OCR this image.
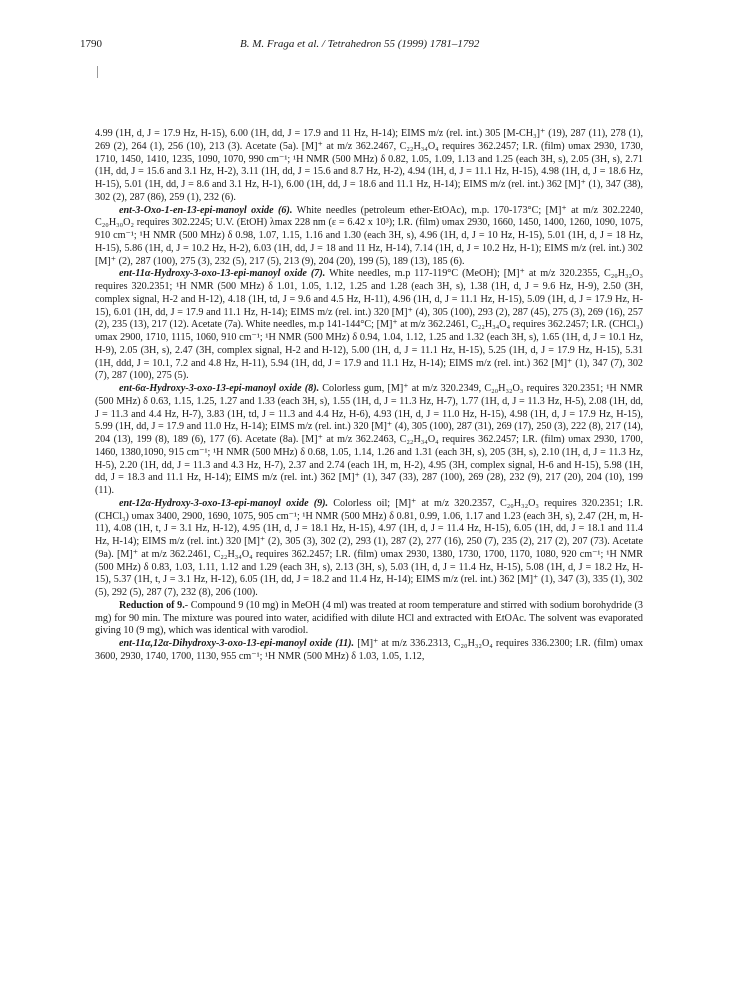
1790	B. M. Fraga et al. / Tetrahedron 55 (1999) 1781–1792

4.99 (1H, d, J = 17.9 Hz, H-15), 6.00 (1H, dd, J = 17.9 and 11 Hz, H-14); EIMS m/z (rel. int.) 305 [M-CH₃]⁺ (19), 287 (11), 278 (1), 269 (2), 264 (1), 256 (10), 213 (3). Acetate (5a). [M]⁺ at m/z 362.2467, C₂₂H₃₄O₄ requires 362.2457; I.R. (film) υmax 2930, 1730, 1710, 1450, 1410, 1235, 1090, 1070, 990 cm⁻¹; ¹H NMR (500 MHz) δ 0.82, 1.05, 1.09, 1.13 and 1.25 (each 3H, s), 2.05 (3H, s), 2.71 (1H, dd, J = 15.6 and 3.1 Hz, H-2), 3.11 (1H, dd, J = 15.6 and 8.7 Hz, H-2), 4.94 (1H, d, J = 11.1 Hz, H-15), 4.98 (1H, d, J = 18.6 Hz, H-15), 5.01 (1H, dd, J = 8.6 and 3.1 Hz, H-1), 6.00 (1H, dd, J = 18.6 and 11.1 Hz, H-14); EIMS m/z (rel. int.) 362 [M]⁺ (1), 347 (38), 302 (2), 287 (86), 259 (1), 232 (6).

ent-3-Oxo-1-en-13-epi-manoyl oxide (6). White needles (petroleum ether-EtOAc), m.p. 170-173°C; [M]⁺ at m/z 302.2240, C₂₀H₃₀O₂ requires 302.2245; U.V. (EtOH) λmax 228 nm (ε = 6.42 x 10³); I.R. (film) υmax 2930, 1660, 1450, 1400, 1260, 1090, 1075, 910 cm⁻¹; ¹H NMR (500 MHz) δ 0.98, 1.07, 1.15, 1.16 and 1.30 (each 3H, s), 4.96 (1H, d, J = 10 Hz, H-15), 5.01 (1H, d, J = 18 Hz, H-15), 5.86 (1H, d, J = 10.2 Hz, H-2), 6.03 (1H, dd, J = 18 and 11 Hz, H-14), 7.14 (1H, d, J = 10.2 Hz, H-1); EIMS m/z (rel. int.) 302 [M]⁺ (2), 287 (100), 275 (3), 232 (5), 217 (5), 213 (9), 204 (20), 199 (5), 189 (13), 185 (6).

ent-11α-Hydroxy-3-oxo-13-epi-manoyl oxide (7). White needles, m.p 117-119°C (MeOH); [M]⁺ at m/z 320.2355, C₂₀H₃₂O₃ requires 320.2351; ¹H NMR (500 MHz) δ 1.01, 1.05, 1.12, 1.25 and 1.28 (each 3H, s), 1.38 (1H, d, J = 9.6 Hz, H-9), 2.50 (3H, complex signal, H-2 and H-12), 4.18 (1H, td, J = 9.6 and 4.5 Hz, H-11), 4.96 (1H, d, J = 11.1 Hz, H-15), 5.09 (1H, d, J = 17.9 Hz, H-15), 6.01 (1H, dd, J = 17.9 and 11.1 Hz, H-14); EIMS m/z (rel. int.) 320 [M]⁺ (4), 305 (100), 293 (2), 287 (45), 275 (3), 269 (16), 257 (2), 235 (13), 217 (12). Acetate (7a). White needles, m.p 141-144°C; [M]⁺ at m/z 362.2461, C₂₂H₃₄O₄ requires 362.2457; I.R. (CHCl₃) υmax 2900, 1710, 1115, 1060, 910 cm⁻¹; ¹H NMR (500 MHz) δ 0.94, 1.04, 1.12, 1.25 and 1.32 (each 3H, s), 1.65 (1H, d, J = 10.1 Hz, H-9), 2.05 (3H, s), 2.47 (3H, complex signal, H-2 and H-12), 5.00 (1H, d, J = 11.1 Hz, H-15), 5.25 (1H, d, J = 17.9 Hz, H-15), 5.31 (1H, ddd, J = 10.1, 7.2 and 4.8 Hz, H-11), 5.94 (1H, dd, J = 17.9 and 11.1 Hz, H-14); EIMS m/z (rel. int.) 362 [M]⁺ (1), 347 (7), 302 (7), 287 (100), 275 (5).

ent-6α-Hydroxy-3-oxo-13-epi-manoyl oxide (8). Colorless gum, [M]⁺ at m/z 320.2349, C₂₀H₃₂O₃ requires 320.2351; ¹H NMR (500 MHz) δ 0.63, 1.15, 1.25, 1.27 and 1.33 (each 3H, s), 1.55 (1H, d, J = 11.3 Hz, H-7), 1.77 (1H, d, J = 11.3 Hz, H-5), 2.08 (1H, dd, J = 11.3 and 4.4 Hz, H-7), 3.83 (1H, td, J = 11.3 and 4.4 Hz, H-6), 4.93 (1H, d, J = 11.0 Hz, H-15), 4.98 (1H, d, J = 17.9 Hz, H-15), 5.99 (1H, dd, J = 17.9 and 11.0 Hz, H-14); EIMS m/z (rel. int.) 320 [M]⁺ (4), 305 (100), 287 (31), 269 (17), 250 (3), 222 (8), 217 (14), 204 (13), 199 (8), 189 (6), 177 (6). Acetate (8a). [M]⁺ at m/z 362.2463, C₂₂H₃₄O₄ requires 362.2457; I.R. (film) υmax 2930, 1700, 1460, 1380,1090, 915 cm⁻¹; ¹H NMR (500 MHz) δ 0.68, 1.05, 1.14, 1.26 and 1.31 (each 3H, s), 205 (3H, s), 2.10 (1H, d, J = 11.3 Hz, H-5), 2.20 (1H, dd, J = 11.3 and 4.3 Hz, H-7), 2.37 and 2.74 (each 1H, m, H-2), 4.95 (3H, complex signal, H-6 and H-15), 5.98 (1H, dd, J = 18.3 and 11.1 Hz, H-14); EIMS m/z (rel. int.) 362 [M]⁺ (1), 347 (33), 287 (100), 269 (28), 232 (9), 217 (20), 204 (10), 199 (11).

ent-12α-Hydroxy-3-oxo-13-epi-manoyl oxide (9). Colorless oil; [M]⁺ at m/z 320.2357, C₂₀H₃₂O₃ requires 320.2351; I.R. (CHCl₃) υmax 3400, 2900, 1690, 1075, 905 cm⁻¹; ¹H NMR (500 MHz) δ 0.81, 0.99, 1.06, 1.17 and 1.23 (each 3H, s), 2.47 (2H, m, H-11), 4.08 (1H, t, J = 3.1 Hz, H-12), 4.95 (1H, d, J = 18.1 Hz, H-15), 4.97 (1H, d, J = 11.4 Hz, H-15), 6.05 (1H, dd, J = 18.1 and 11.4 Hz, H-14); EIMS m/z (rel. int.) 320 [M]⁺ (2), 305 (3), 302 (2), 293 (1), 287 (2), 277 (16), 250 (7), 235 (2), 217 (2), 207 (73). Acetate (9a). [M]⁺ at m/z 362.2461, C₂₂H₃₄O₄ requires 362.2457; I.R. (film) υmax 2930, 1380, 1730, 1700, 1170, 1080, 920 cm⁻¹; ¹H NMR (500 MHz) δ 0.83, 1.03, 1.11, 1.12 and 1.29 (each 3H, s), 2.13 (3H, s), 5.03 (1H, d, J = 11.4 Hz, H-15), 5.08 (1H, d, J = 18.2 Hz, H-15), 5.37 (1H, t, J = 3.1 Hz, H-12), 6.05 (1H, dd, J = 18.2 and 11.4 Hz, H-14); EIMS m/z (rel. int.) 362 [M]⁺ (1), 347 (3), 335 (1), 302 (5), 292 (5), 287 (7), 232 (8), 206 (100).

Reduction of 9.- Compound 9 (10 mg) in MeOH (4 ml) was treated at room temperature and stirred with sodium borohydride (3 mg) for 90 min. The mixture was poured into water, acidified with dilute HCl and extracted with EtOAc. The solvent was evaporated giving 10 (9 mg), which was identical with varodiol.

ent-11α,12α-Dihydroxy-3-oxo-13-epi-manoyl oxide (11). [M]⁺ at m/z 336.2313, C₂₀H₃₂O₄ requires 336.2300; I.R. (film) υmax 3600, 2930, 1740, 1700, 1130, 955 cm⁻¹; ¹H NMR (500 MHz) δ 1.03, 1.05, 1.12,
